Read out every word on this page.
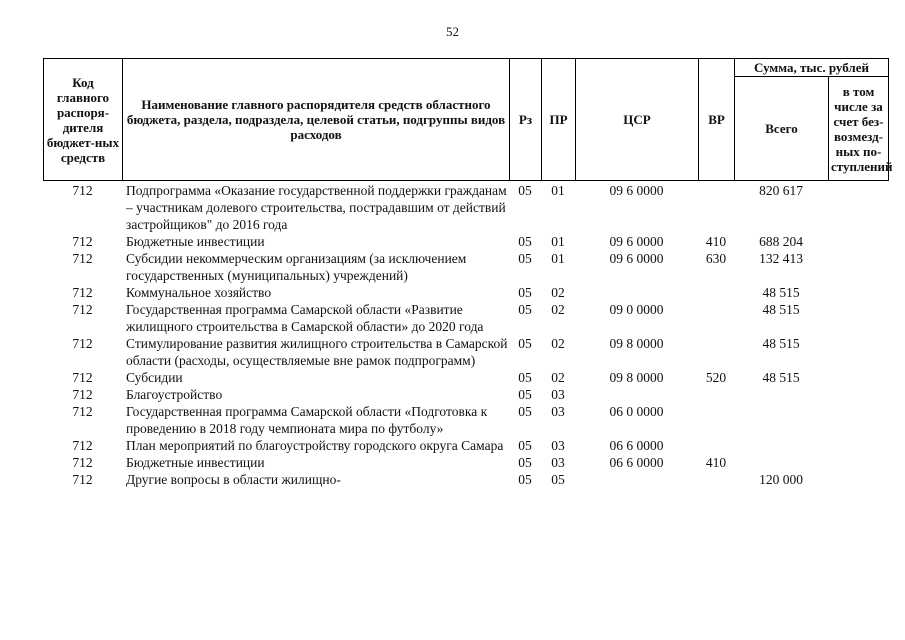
52
Код главного распоря-дителя бюджет-ных средств	Наименование главного распорядителя средств областного бюджета, раздела, подраздела, целевой статьи, подгруппы видов расходов	Рз	ПР	ЦСР	ВР	Сумма, тыс. рублей	
						Всего	в том числе за счет без-возмезд-ных по-ступлений
712	Подпрограмма «Оказание государственной поддержки гражданам – участникам долевого строительства, пострадавшим от действий застройщиков" до 2016 года	05	01	09 6 0000		820 617	
712	Бюджетные инвестиции	05	01	09 6 0000	410	688 204	
712	Субсидии некоммерческим организациям (за исключением государственных (муниципальных) учреждений)	05	01	09 6 0000	630	132 413	
712	Коммунальное хозяйство	05	02			48 515	
712	Государственная программа Самарской области «Развитие жилищного строительства в Самарской области» до 2020 года	05	02	09 0 0000		48 515	
712	Стимулирование развития жилищного строительства в Самарской области (расходы, осуществляемые вне рамок подпрограмм)	05	02	09 8 0000		48 515	
712	Субсидии	05	02	09 8 0000	520	48 515	
712	Благоустройство	05	03				
712	Государственная программа Самарской области «Подготовка к проведению в 2018 году чемпионата мира по футболу»	05	03	06 0 0000			
712	План мероприятий по благоустройству городского округа Самара	05	03	06 6 0000			
712	Бюджетные инвестиции	05	03	06 6 0000	410		
712	Другие вопросы в области жилищно-	05	05			120 000	
